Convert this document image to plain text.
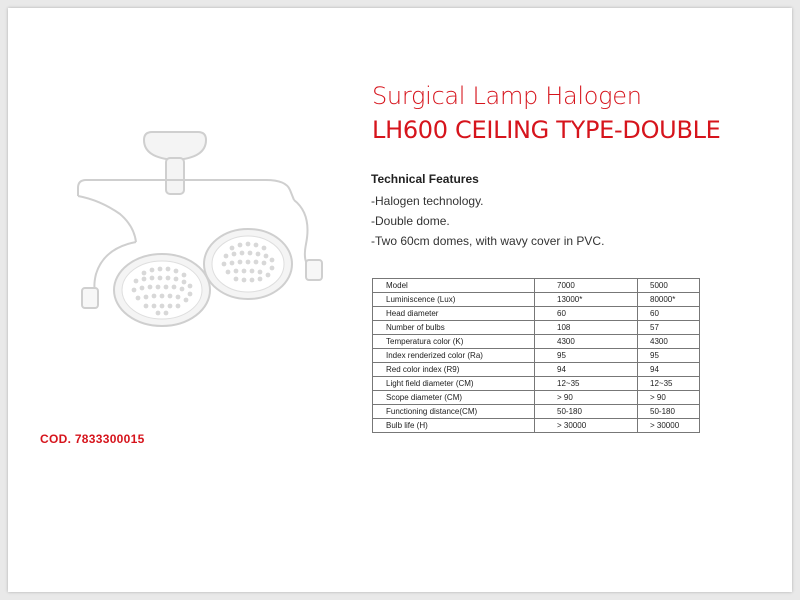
Surgical Lamp Halogen
LH600 CEILING TYPE-DOUBLE
Technical Features
-Halogen technology.
-Double dome.
-Two 60cm domes, with wavy cover in PVC.
Model	7000	5000
Luminiscence (Lux)	13000*	80000*
Head diameter	60	60
Number of bulbs	108	57
Temperatura color (K)	4300	4300
Index renderized color (Ra)	95	95
Red color index (R9)	94	94
Light field diameter (CM)	12~35	12~35
Scope diameter (CM)	> 90	> 90
Functioning distance(CM)	50-180	50-180
Bulb life (H)	> 30000	> 30000
COD. 7833300015
